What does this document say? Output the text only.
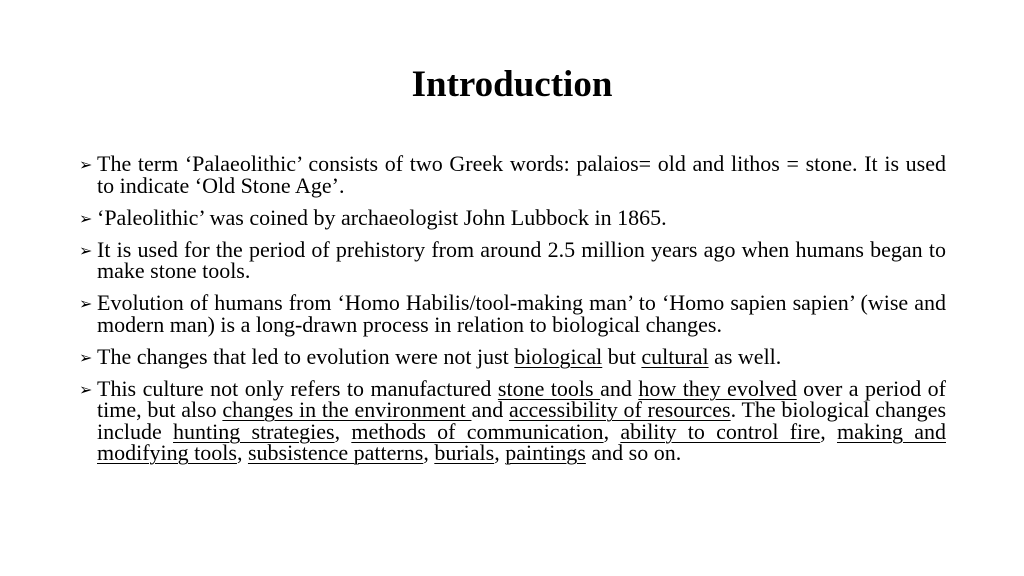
Introduction
➢ The term ‘Palaeolithic’ consists of two Greek words: palaios= old and lithos = stone. It is used to indicate ‘Old Stone Age’.
➢ ‘Paleolithic’ was coined by archaeologist John Lubbock in 1865.
➢ It is used for the period of prehistory from around 2.5 million years ago when humans began to make stone tools.
➢ Evolution of humans from ‘Homo Habilis/tool-making man’ to ‘Homo sapien sapien’ (wise and modern man) is a long-drawn process in relation to biological changes.
➢ The changes that led to evolution were not just biological but cultural as well.
➢ This culture not only refers to manufactured stone tools and how they evolved over a period of time, but also changes in the environment and accessibility of resources. The biological changes include hunting strategies, methods of communication, ability to control fire, making and modifying tools, subsistence patterns, burials, paintings and so on.
